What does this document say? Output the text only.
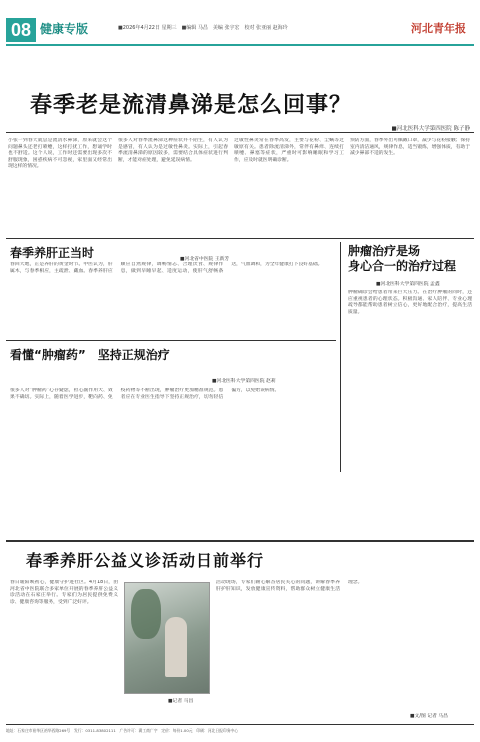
08 健康专版	■2026年4月22日 星期三　■编辑 马昌　美编 张宇宏　校对 张亚丽 赵海玲	河北青年报
春季老是流清鼻涕是怎么回事？
■河北医科大学第四医院 陈子静
小张一到春天就总是流清水鼻涕，原来就会这个问题鼻头还老打喷嚏，这样打扰工作，想诵学时也不舒适。这个人说，工作时还需要出现多次不舒服现象，困惑疾病不可忽视，家里面又经常出现这样的情况。
很多人对春季流鼻涕这种症状并不陌生，有人认为是感冒，有人认为是过敏性鼻炎。实际上，引起春季流清鼻涕的原因较多，需要结合具体症状进行判断，才能对症处理，避免延误病情。
过敏性鼻炎常在春季高发，主要与花粉、尘螨等过敏原有关。患者除流清涕外，常伴有鼻痒、连续打喷嚏、鼻塞等症状，严重时可影响睡眠和学习工作，应及时就医明确诊断。
预防方面，春季外出可佩戴口罩，减少与花粉接触；保持室内清洁通风，规律作息，适当锻炼，增强体质，有助于减少鼻部不适的发生。
春季养肝正当时
春回大地，正是养肝的黄金时节。中医认为，肝属木，与春季相应，主疏泄、藏血。春季养肝应顺应自然规律，调畅情志、合理饮食、规律作息，做到早睡早起、适度运动，使肝气舒畅条达，气血调和，为全年健康打下良好基础。
■河北省中医院 王新芳
肿瘤治疗是场
身心合一的治疗过程
■河北医科大学第四医院 孟鑫
肿瘤确诊会给患者带来巨大压力。在治疗肿瘤的同时，还应重视患者的心理状态。积极沟通、家人陪伴、专业心理疏导都能帮助患者树立信心，更好地配合治疗，提高生活质量。
看懂“肿瘤药”　坚持正规治疗
■河北医科大学第四医院 赵莉
很多人对“肿瘤药”心存疑虑，担心副作用大、效果不确切。实际上，随着医学进步，靶向药、免疫药物等不断出现，肿瘤治疗更加精准规范。患者应在专业医生指导下坚持正规治疗，切勿轻信偏方，以免贻误病情。
春季养肝公益义诊活动日前举行
春日暖阳映初心，健康守护进社区。4月18日，由河北省中医院联合多家单位开展的春季养肝公益义诊活动在石家庄举行。专家们为居民提供免费义诊、健康咨询等服务，受到广泛好评。
■记者 马昌
活动现场，专家们耐心解答居民关心的问题，讲解春季养肝护肝知识，发放健康宣传资料，帮助群众树立健康生活理念。
■文/图 记者 马昌
地址：石家庄市裕华区裕华西路269号　发行：0311-83802111　广告许可：冀工商广字　定价：每份1.00元　印刷：河北日报印务中心
